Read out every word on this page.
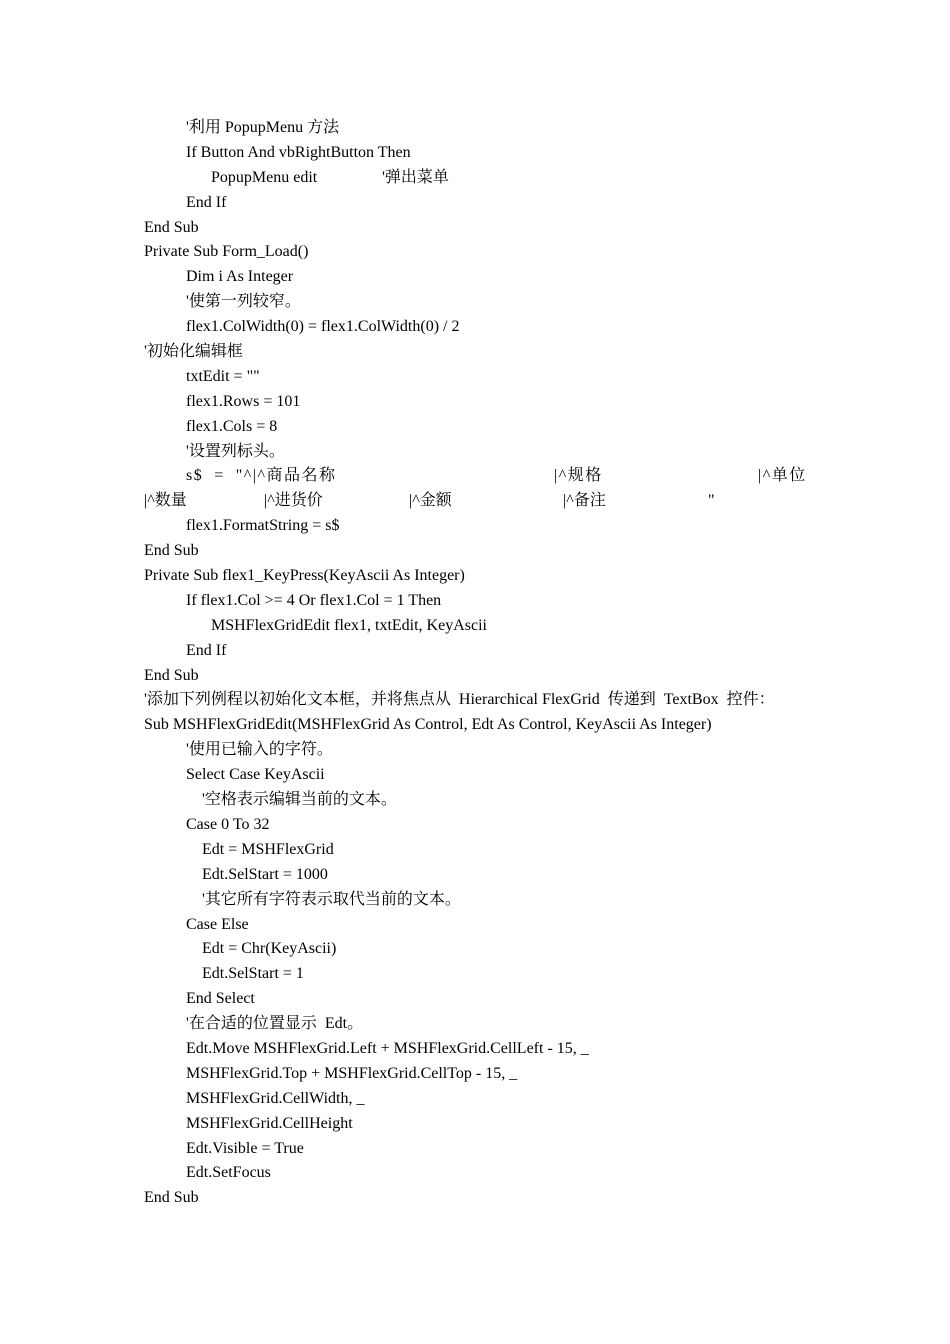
'利用 PopupMenu 方法
If Button And vbRightButton Then
PopupMenu edit	'弹出菜单
End If
End Sub
Private Sub Form_Load()
Dim i As Integer
'使第一列较窄。
flex1.ColWidth(0) = flex1.ColWidth(0) / 2
'初始化编辑框
txtEdit = ""
flex1.Rows = 101
flex1.Cols = 8
'设置列标头。
s$  =  "^|^商品名称	|^规格	|^单位
|^数量	|^进货价	|^金额	|^备注	"
flex1.FormatString = s$
End Sub
Private Sub flex1_KeyPress(KeyAscii As Integer)
If flex1.Col >= 4 Or flex1.Col = 1 Then
MSHFlexGridEdit flex1, txtEdit, KeyAscii
End If
End Sub
'添加下列例程以初始化文本框，并将焦点从  Hierarchical FlexGrid  传递到  TextBox  控件：
Sub MSHFlexGridEdit(MSHFlexGrid As Control, Edt As Control, KeyAscii As Integer)
'使用已输入的字符。
Select Case KeyAscii
'空格表示编辑当前的文本。
Case 0 To 32
Edt = MSHFlexGrid
Edt.SelStart = 1000
'其它所有字符表示取代当前的文本。
Case Else
Edt = Chr(KeyAscii)
Edt.SelStart = 1
End Select
'在合适的位置显示  Edt。
Edt.Move MSHFlexGrid.Left + MSHFlexGrid.CellLeft - 15, _
MSHFlexGrid.Top + MSHFlexGrid.CellTop - 15, _
MSHFlexGrid.CellWidth, _
MSHFlexGrid.CellHeight
Edt.Visible = True
Edt.SetFocus
End Sub
